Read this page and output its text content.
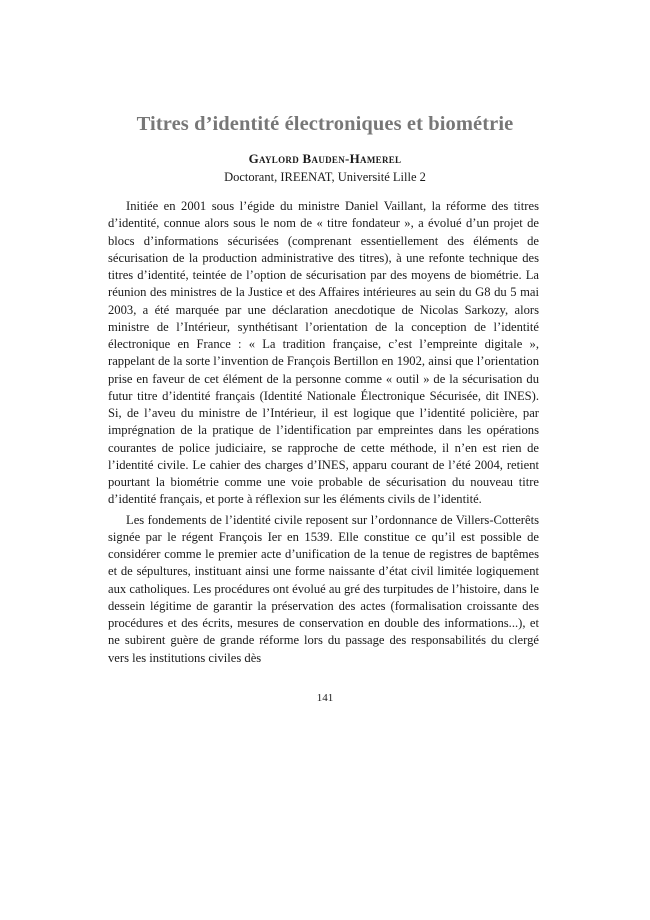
Titres d’identité électroniques et biométrie
Gaylord Bauden-Hamerel
Doctorant, IREENAT, Université Lille 2

Initiée en 2001 sous l’égide du ministre Daniel Vaillant, la réforme des titres d’identité, connue alors sous le nom de « titre fondateur », a évolué d’un projet de blocs d’informations sécurisées (comprenant essentiellement des éléments de sécurisation de la production administrative des titres), à une refonte technique des titres d’identité, teintée de l’option de sécurisation par des moyens de biométrie. La réunion des ministres de la Justice et des Affaires intérieures au sein du G8 du 5 mai 2003, a été marquée par une déclaration anecdotique de Nicolas Sarkozy, alors ministre de l’Intérieur, synthétisant l’orientation de la conception de l’identité électronique en France : « La tradition française, c’est l’empreinte digitale », rappelant de la sorte l’invention de François Bertillon en 1902, ainsi que l’orientation prise en faveur de cet élément de la personne comme « outil » de la sécurisation du futur titre d’identité français (Identité Nationale Électronique Sécurisée, dit INES). Si, de l’aveu du ministre de l’Intérieur, il est logique que l’identité policière, par imprégnation de la pratique de l’identification par empreintes dans les opérations courantes de police judiciaire, se rapproche de cette méthode, il n’en est rien de l’identité civile. Le cahier des charges d’INES, apparu courant de l’été 2004, retient pourtant la biométrie comme une voie probable de sécurisation du nouveau titre d’identité français, et porte à réflexion sur les éléments civils de l’identité.

Les fondements de l’identité civile reposent sur l’ordonnance de Villers-Cotterêts signée par le régent François Ier en 1539. Elle constitue ce qu’il est possible de considérer comme le premier acte d’unification de la tenue de registres de baptêmes et de sépultures, instituant ainsi une forme naissante d’état civil limitée logiquement aux catholiques. Les procédures ont évolué au gré des turpitudes de l’histoire, dans le dessein légitime de garantir la préservation des actes (formalisation croissante des procédures et des écrits, mesures de conservation en double des informations...), et ne subirent guère de grande réforme lors du passage des responsabilités du clergé vers les institutions civiles dès

141
